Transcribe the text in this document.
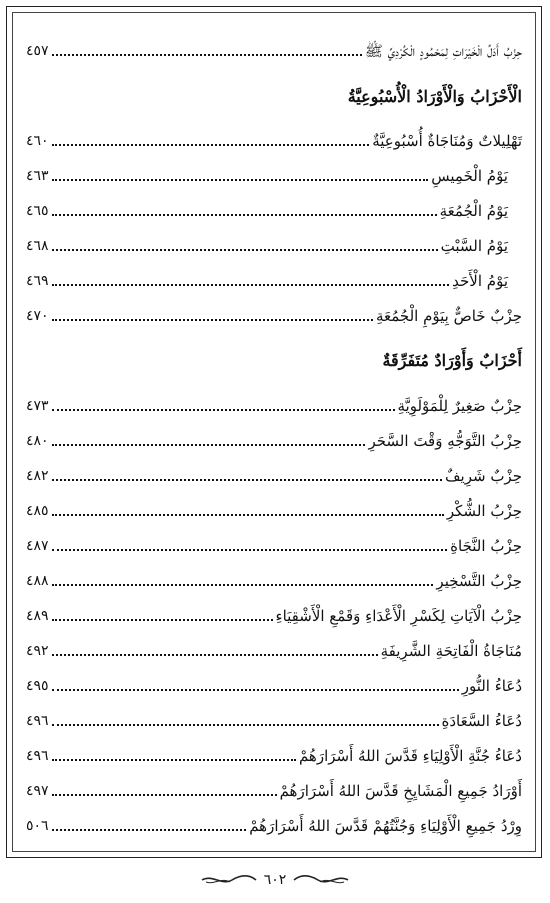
حِزْبُ أَدَلِّ الْخَيْرَاتِ لِمَحْمُودٍ الْكُرْدِيِّ ﷺ
٤٥٧
الْأَحْزَابُ وَالْأَوْرَادُ الْأُسْبُوعِيَّةُ
تَهْلِيلاتٌ وَمُنَاجَاةٌ أُسْبُوعِيَّةٌ
٤٦٠
يَوْمُ الْخَمِيسِ
٤٦٣
يَوْمُ الْجُمُعَةِ
٤٦٥
يَوْمُ السَّبْتِ
٤٦٨
يَوْمُ الْأَحَدِ
٤٦٩
حِزْبٌ خَاصٌّ بِيَوْمِ الْجُمُعَةِ
٤٧٠
أَحْزَابٌ وَأَوْرَادٌ مُتَفَرِّقَةٌ
حِزْبٌ صَغِيرٌ لِلْمَوْلَوِيَّةِ
٤٧٣
حِزْبُ التَّوَجُّهِ وَقْتَ السَّحَرِ
٤٨٠
حِزْبٌ شَرِيفٌ
٤٨٢
حِزْبُ الشُّكْرِ
٤٨٥
حِزْبُ النَّجَاةِ
٤٨٧
حِزْبُ التَّسْخِيرِ
٤٨٨
حِزْبُ الْآيَاتِ لِكَسْرِ الْأَعْدَاءِ وَقَمْعِ الْأَشْقِيَاءِ
٤٨٩
مُنَاجَاةُ الْفَاتِحَةِ الشَّرِيفَةِ
٤٩٢
دُعَاءُ النُّورِ
٤٩٥
دُعَاءُ السَّعَادَةِ
٤٩٦
دُعَاءُ جُنَّةِ الْأَوْلِيَاءِ قَدَّسَ اللهُ أَسْرَارَهُمْ
٤٩٦
أَوْرَادُ جَمِيعِ الْمَشَايِخِ قَدَّسَ اللهُ أَسْرَارَهُمْ
٤٩٧
وِرْدُ جَمِيعِ الْأَوْلِيَاءِ وَجُنَّتُهُمْ قَدَّسَ اللهُ أَسْرَارَهُمْ
٥٠٦
٦٠٢
